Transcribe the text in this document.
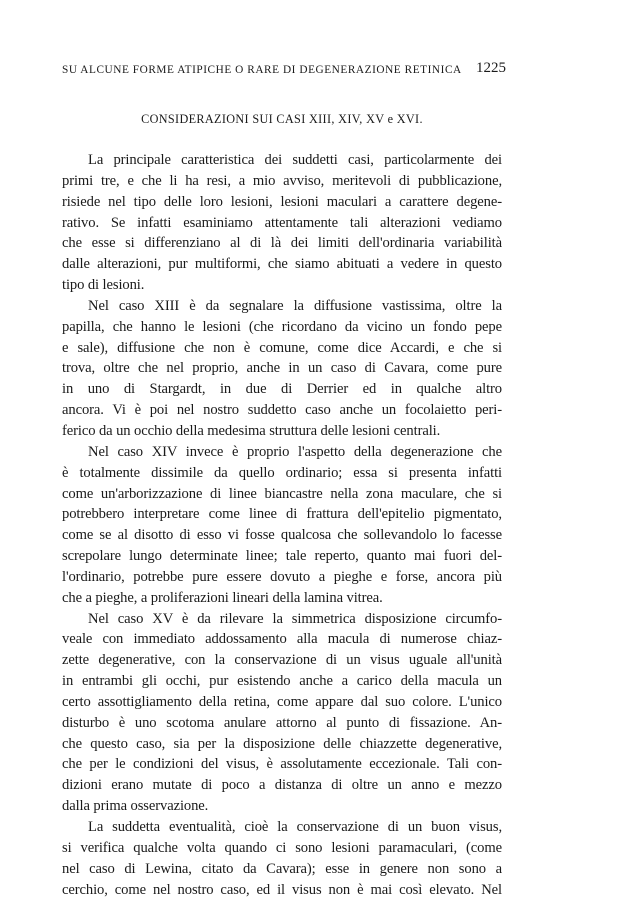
SU ALCUNE FORME ATIPICHE O RARE DI DEGENERAZIONE RETINICA 1225
CONSIDERAZIONI SUI CASI XIII, XIV, XV e XVI.
La principale caratteristica dei suddetti casi, particolarmente dei
primi tre, e che li ha resi, a mio avviso, meritevoli di pubblicazione,
risiede nel tipo delle loro lesioni, lesioni maculari a carattere degene-
rativo. Se infatti esaminiamo attentamente tali alterazioni vediamo
che esse si differenziano al di là dei limiti dell'ordinaria variabilità
dalle alterazioni, pur multiformi, che siamo abituati a vedere in questo
tipo di lesioni.
Nel caso XIII è da segnalare la diffusione vastissima, oltre la
papilla, che hanno le lesioni (che ricordano da vicino un fondo pepe
e sale), diffusione che non è comune, come dice Accardi, e che si
trova, oltre che nel proprio, anche in un caso di Cavara, come pure
in uno di Stargardt, in due di Derrier ed in qualche altro
ancora. Vi è poi nel nostro suddetto caso anche un focolaietto peri-
ferico da un occhio della medesima struttura delle lesioni centrali.
Nel caso XIV invece è proprio l'aspetto della degenerazione che
è totalmente dissimile da quello ordinario; essa si presenta infatti
come un'arborizzazione di linee biancastre nella zona maculare, che si
potrebbero interpretare come linee di frattura dell'epitelio pigmentato,
come se al disotto di esso vi fosse qualcosa che sollevandolo lo facesse
screpolare lungo determinate linee; tale reperto, quanto mai fuori del-
l'ordinario, potrebbe pure essere dovuto a pieghe e forse, ancora più
che a pieghe, a proliferazioni lineari della lamina vitrea.
Nel caso XV è da rilevare la simmetrica disposizione circumfo-
veale con immediato addossamento alla macula di numerose chiaz-
zette degenerative, con la conservazione di un visus uguale all'unità
in entrambi gli occhi, pur esistendo anche a carico della macula un
certo assottigliamento della retina, come appare dal suo colore. L'unico
disturbo è uno scotoma anulare attorno al punto di fissazione. An-
che questo caso, sia per la disposizione delle chiazzette degenerative,
che per le condizioni del visus, è assolutamente eccezionale. Tali con-
dizioni erano mutate di poco a distanza di oltre un anno e mezzo
dalla prima osservazione.
La suddetta eventualità, cioè la conservazione di un buon visus,
si verifica qualche volta quando ci sono lesioni paramaculari, (come
nel caso di Lewina, citato da Cavara); esse in genere non sono a
cerchio, come nel nostro caso, ed il visus non è mai così elevato. Nel
